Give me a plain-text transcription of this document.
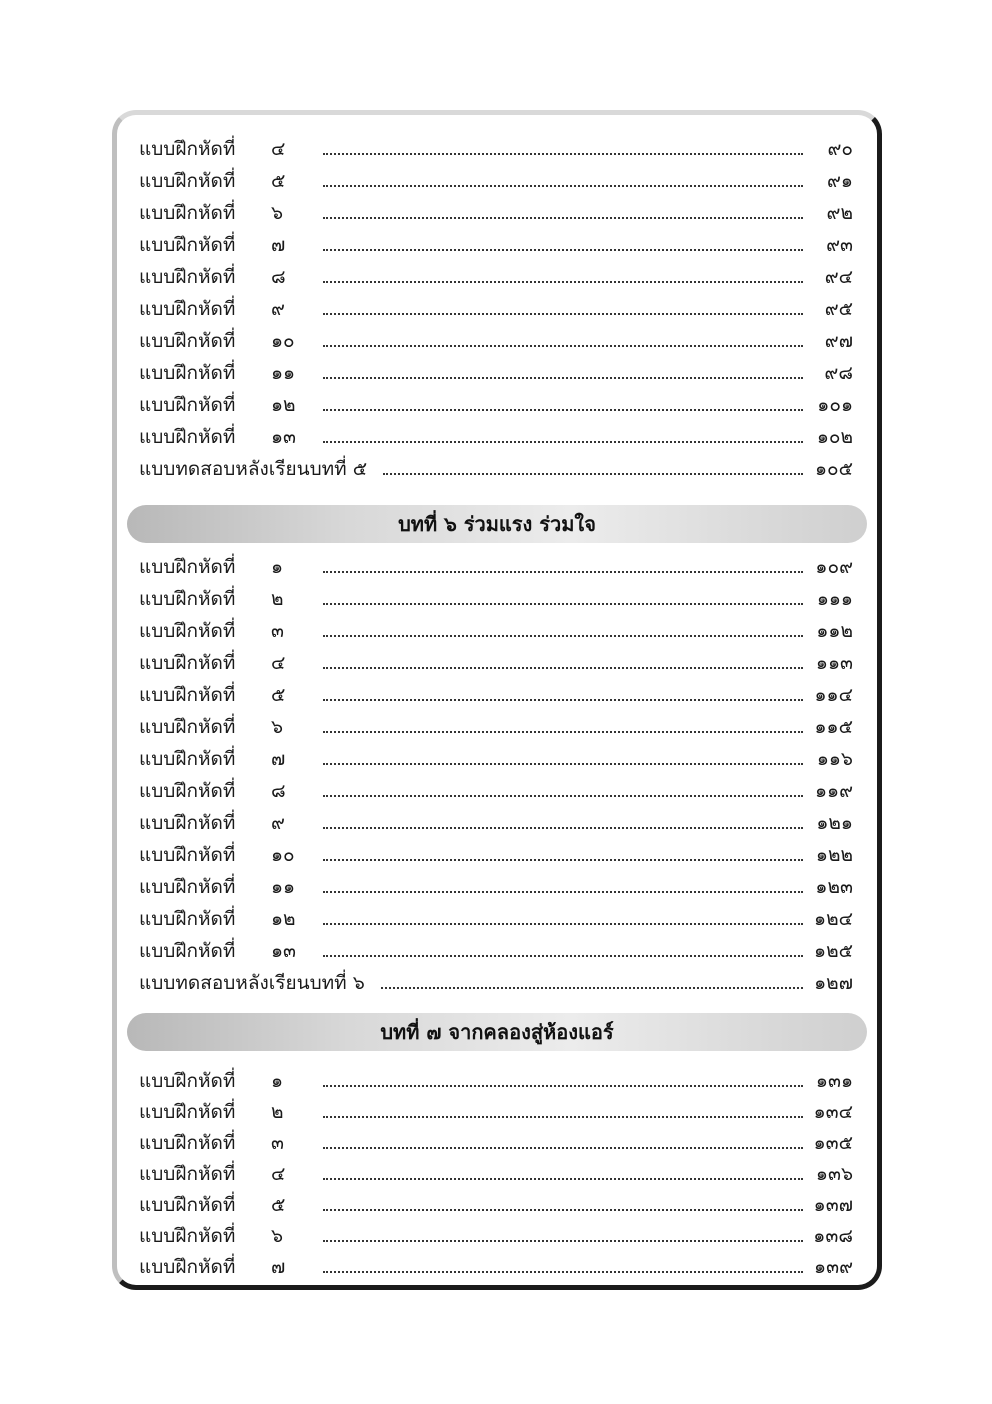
แบบฝึกหัดที่	๔	๙๐
แบบฝึกหัดที่	๕	๙๑
แบบฝึกหัดที่	๖	๙๒
แบบฝึกหัดที่	๗	๙๓
แบบฝึกหัดที่	๘	๙๔
แบบฝึกหัดที่	๙	๙๕
แบบฝึกหัดที่	๑๐	๙๗
แบบฝึกหัดที่	๑๑	๙๘
แบบฝึกหัดที่	๑๒	๑๐๑
แบบฝึกหัดที่	๑๓	๑๐๒
แบบทดสอบหลังเรียนบทที่ ๕	๑๐๕
บทที่ ๖ ร่วมแรง ร่วมใจ
แบบฝึกหัดที่	๑	๑๐๙
แบบฝึกหัดที่	๒	๑๑๑
แบบฝึกหัดที่	๓	๑๑๒
แบบฝึกหัดที่	๔	๑๑๓
แบบฝึกหัดที่	๕	๑๑๔
แบบฝึกหัดที่	๖	๑๑๕
แบบฝึกหัดที่	๗	๑๑๖
แบบฝึกหัดที่	๘	๑๑๙
แบบฝึกหัดที่	๙	๑๒๑
แบบฝึกหัดที่	๑๐	๑๒๒
แบบฝึกหัดที่	๑๑	๑๒๓
แบบฝึกหัดที่	๑๒	๑๒๔
แบบฝึกหัดที่	๑๓	๑๒๕
แบบทดสอบหลังเรียนบทที่ ๖	๑๒๗
บทที่ ๗ จากคลองสู่ห้องแอร์
แบบฝึกหัดที่	๑	๑๓๑
แบบฝึกหัดที่	๒	๑๓๔
แบบฝึกหัดที่	๓	๑๓๕
แบบฝึกหัดที่	๔	๑๓๖
แบบฝึกหัดที่	๕	๑๓๗
แบบฝึกหัดที่	๖	๑๓๘
แบบฝึกหัดที่	๗	๑๓๙
